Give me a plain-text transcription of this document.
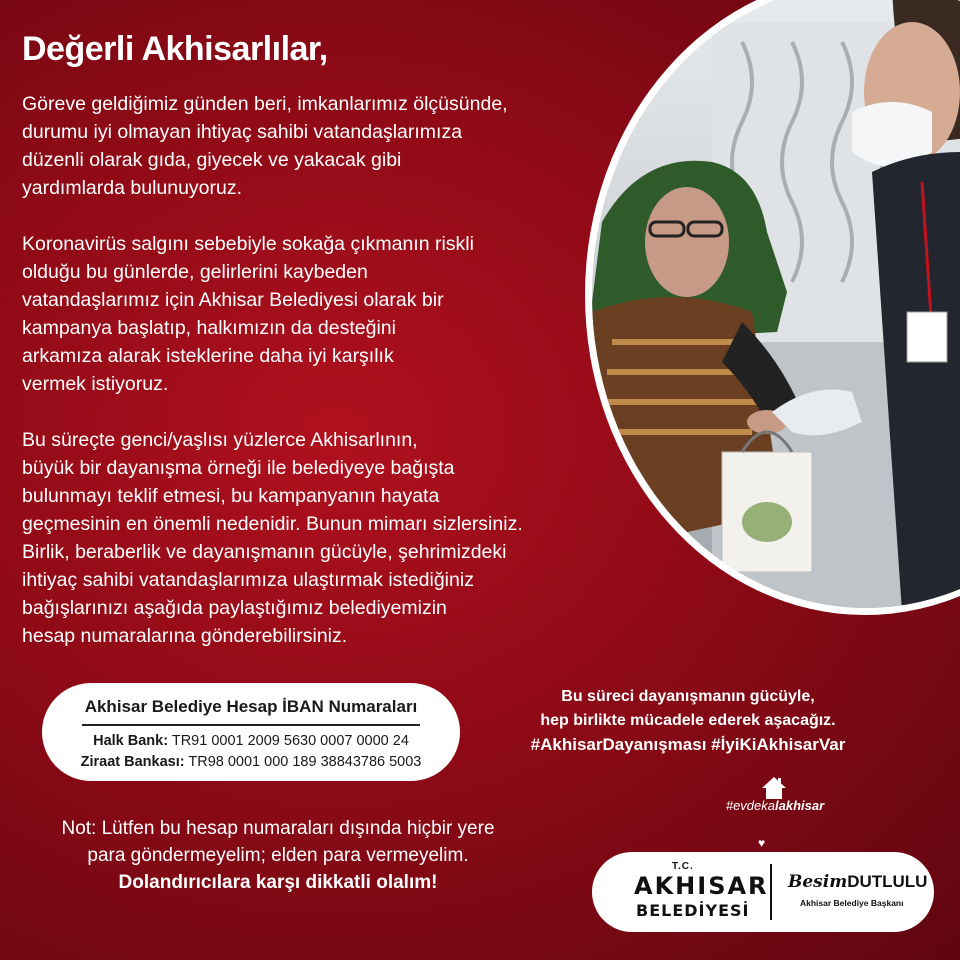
Değerli Akhisarlılar,
Göreve geldiğimiz günden beri, imkanlarımız ölçüsünde,
durumu iyi olmayan ihtiyaç sahibi vatandaşlarımıza
düzenli olarak gıda, giyecek ve yakacak gibi
yardımlarda bulunuyoruz.
Koronavirüs salgını sebebiyle sokağa çıkmanın riskli
olduğu bu günlerde, gelirlerini kaybeden
vatandaşlarımız için Akhisar Belediyesi olarak bir
kampanya başlatıp, halkımızın da desteğini
arkamıza alarak isteklerine daha iyi karşılık
vermek istiyoruz.
Bu süreçte genci/yaşlısı yüzlerce Akhisarlının,
büyük bir dayanışma örneği ile belediyeye bağışta
bulunmayı teklif etmesi, bu kampanyanın hayata
geçmesinin en önemli nedenidir. Bunun mimarı sizlersiniz.
Birlik, beraberlik ve dayanışmanın gücüyle, şehrimizdeki
ihtiyaç sahibi vatandaşlarımıza ulaştırmak istediğiniz
bağışlarınızı aşağıda paylaştığımız belediyemizin
hesap numaralarına gönderebilirsiniz.
Akhisar Belediye Hesap İBAN Numaraları
Halk Bank: TR91 0001 2009 5630 0007 0000 24
Ziraat Bankası: TR98 0001 000 189 38843786 5003
Bu süreci dayanışmanın gücüyle,
hep birlikte mücadele ederek aşacağız.
#AkhisarDayanışması #İyiKiAkhisarVar
Not: Lütfen bu hesap numaraları dışında hiçbir yere
para göndermeyelim; elden para vermeyelim.
Dolandırıcılara karşı dikkatli olalım!
#evdekalakhisar
♥
T.C.
AKHISAR
BELEDİYESİ
BesimDUTLULU
Akhisar Belediye Başkanı
